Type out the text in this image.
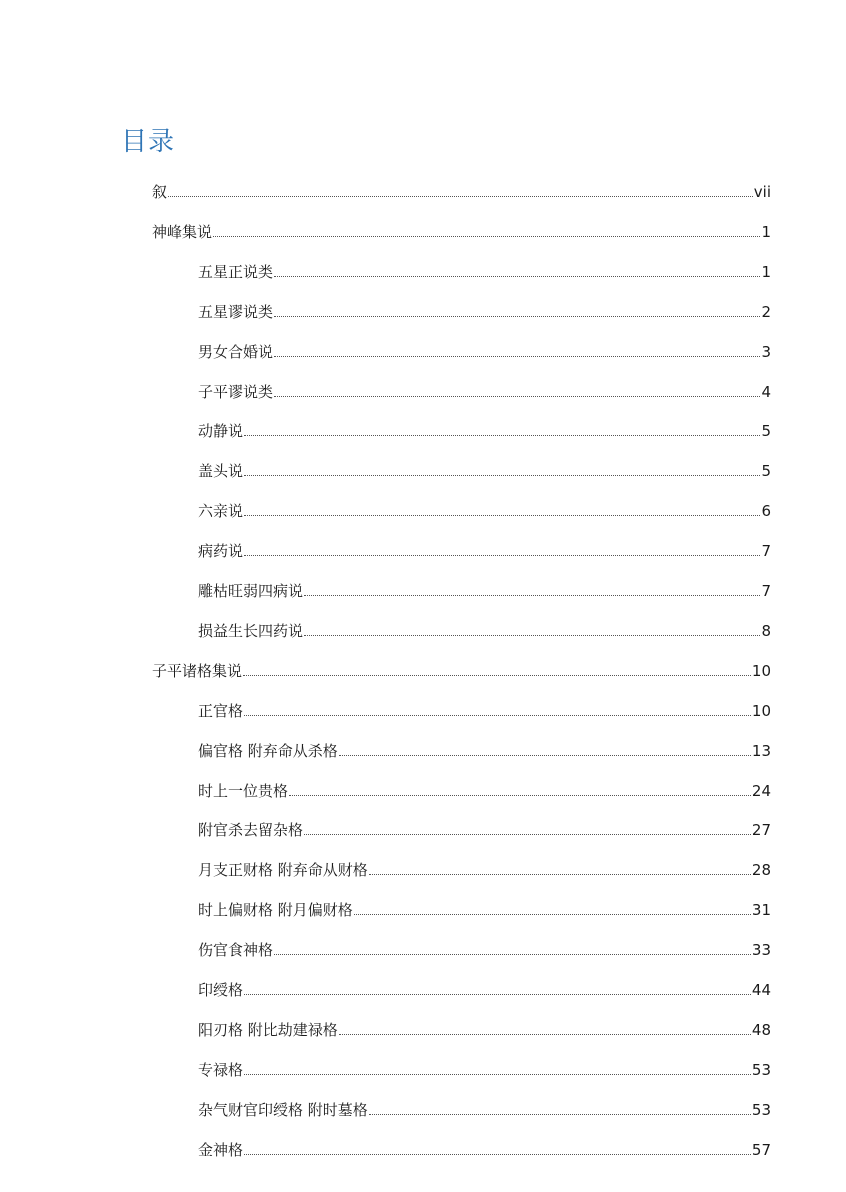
目录
叙	vii
神峰集说	1
五星正说类	1
五星谬说类	2
男女合婚说	3
子平谬说类	4
动静说	5
盖头说	5
六亲说	6
病药说	7
雕枯旺弱四病说	7
损益生长四药说	8
子平诸格集说	10
正官格	10
偏官格 附弃命从杀格	13
时上一位贵格	24
附官杀去留杂格	27
月支正财格 附弃命从财格	28
时上偏财格 附月偏财格	31
伤官食神格	33
印绶格	44
阳刃格 附比劫建禄格	48
专禄格	53
杂气财官印绶格 附时墓格	53
金神格	57
